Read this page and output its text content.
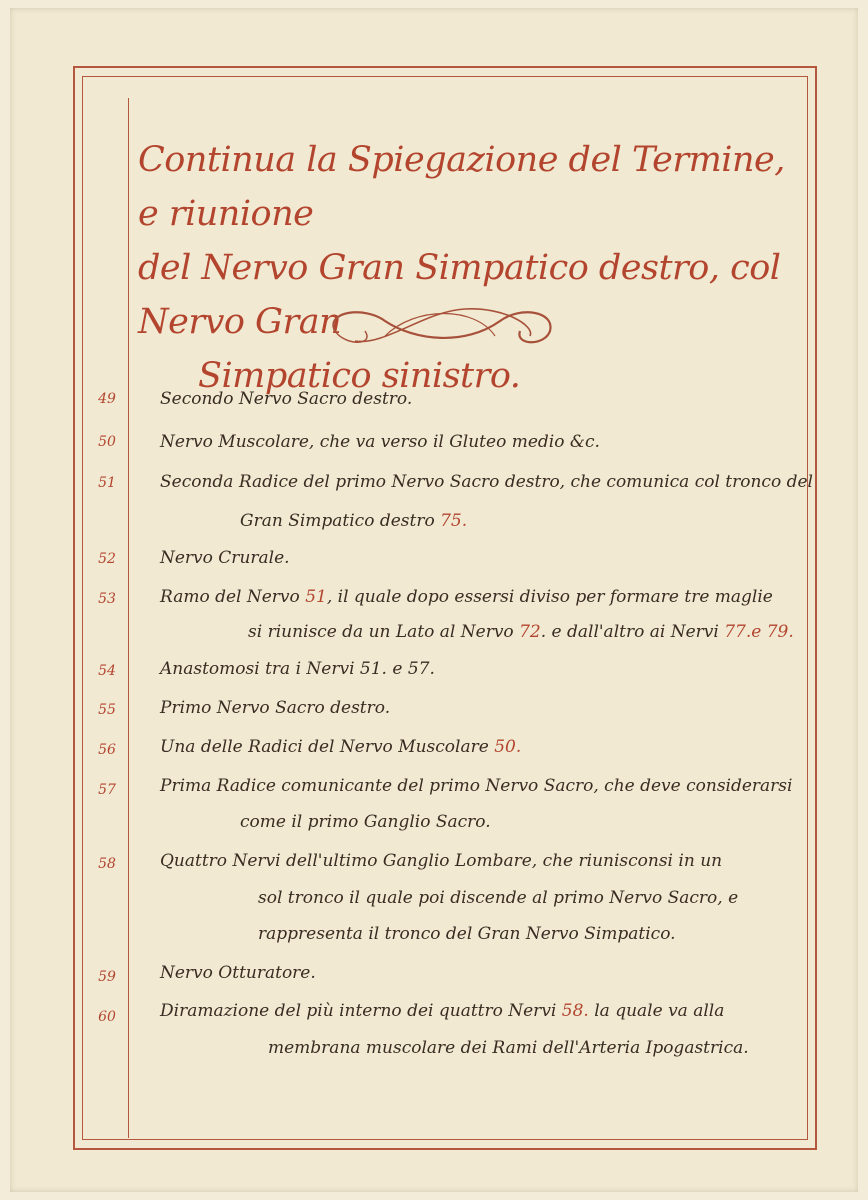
Continua la Spiegazione del Termine, e riunione
del Nervo Gran Simpatico destro, col Nervo Gran
Simpatico sinistro.
49	Secondo Nervo Sacro destro.
50	Nervo Muscolare, che va verso il Gluteo medio &c.
51	Seconda Radice del primo Nervo Sacro destro, che comunica col tronco del
Gran Simpatico destro 75.
52	Nervo Crurale.
53	Ramo del Nervo 51, il quale dopo essersi diviso per formare tre maglie
si riunisce da un Lato al Nervo 72. e dall'altro ai Nervi 77.e 79.
54	Anastomosi tra i Nervi 51. e 57.
55	Primo Nervo Sacro destro.
56	Una delle Radici del Nervo Muscolare 50.
57	Prima Radice comunicante del primo Nervo Sacro, che deve considerarsi
come il primo Ganglio Sacro.
58	Quattro Nervi dell'ultimo Ganglio Lombare, che riunisconsi in un
sol tronco il quale poi discende al primo Nervo Sacro, e
rappresenta il tronco del Gran Nervo Simpatico.
59	Nervo Otturatore.
60	Diramazione del più interno dei quattro Nervi 58. la quale va alla
membrana muscolare dei Rami dell'Arteria Ipogastrica.
